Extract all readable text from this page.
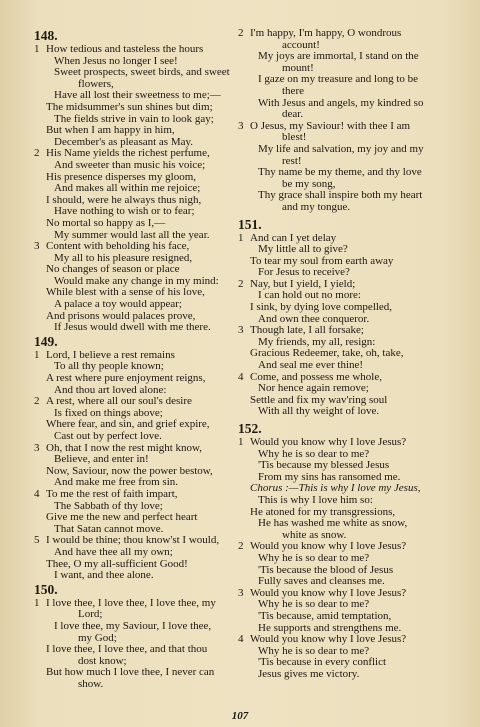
148.
1 How tedious and tasteless the hours
When Jesus no longer I see!
Sweet prospects, sweet birds, and sweet
flowers,
Have all lost their sweetness to me;—
The midsummer's sun shines but dim;
The fields strive in vain to look gay;
But when I am happy in him,
December's as pleasant as May.
2 His Name yields the richest perfume,
And sweeter than music his voice;
His presence disperses my gloom,
And makes all within me rejoice;
I should, were he always thus nigh,
Have nothing to wish or to fear;
No mortal so happy as I,—
My summer would last all the year.
3 Content with beholding his face,
My all to his pleasure resigned,
No changes of season or place
Would make any change in my mind:
While blest with a sense of his love,
A palace a toy would appear;
And prisons would palaces prove,
If Jesus would dwell with me there.
149.
1 Lord, I believe a rest remains
To all thy people known;
A rest where pure enjoyment reigns,
And thou art loved alone:
2 A rest, where all our soul's desire
Is fixed on things above;
Where fear, and sin, and grief expire,
Cast out by perfect love.
3 Oh, that I now the rest might know,
Believe, and enter in!
Now, Saviour, now the power bestow,
And make me free from sin.
4 To me the rest of faith impart,
The Sabbath of thy love;
Give me the new and perfect heart
That Satan cannot move.
5 I would be thine; thou know'st I would,
And have thee all my own;
Thee, O my all-sufficient Good!
I want, and thee alone.
150.
1 I love thee, I love thee, I love thee, my
Lord;
I love thee, my Saviour, I love thee,
my God;
I love thee, I love thee, and that thou
dost know;
But how much I love thee, I never can
show.
2 I'm happy, I'm happy, O wondrous
account!
My joys are immortal, I stand on the
mount!
I gaze on my treasure and long to be
there
With Jesus and angels, my kindred so
dear.
3 O Jesus, my Saviour! with thee I am
blest!
My life and salvation, my joy and my
rest!
Thy name be my theme, and thy love
be my song,
Thy grace shall inspire both my heart
and my tongue.
151.
1 And can I yet delay
My little all to give?
To tear my soul from earth away
For Jesus to receive?
2 Nay, but I yield, I yield;
I can hold out no more:
I sink, by dying love compelled,
And own thee conqueror.
3 Though late, I all forsake;
My friends, my all, resign:
Gracious Redeemer, take, oh, take,
And seal me ever thine!
4 Come, and possess me whole,
Nor hence again remove;
Settle and fix my wav'ring soul
With all thy weight of love.
152.
1 Would you know why I love Jesus?
Why he is so dear to me?
'Tis because my blessed Jesus
From my sins has ransomed me.
Chorus :—This is why I love my Jesus,
This is why I love him so:
He atoned for my transgressions,
He has washed me white as snow,
white as snow.
2 Would you know why I love Jesus?
Why he is so dear to me?
'Tis because the blood of Jesus
Fully saves and cleanses me.
3 Would you know why I love Jesus?
Why he is so dear to me?
'Tis because, amid temptation,
He supports and strengthens me.
4 Would you know why I love Jesus?
Why he is so dear to me?
'Tis because in every conflict
Jesus gives me victory.
107
